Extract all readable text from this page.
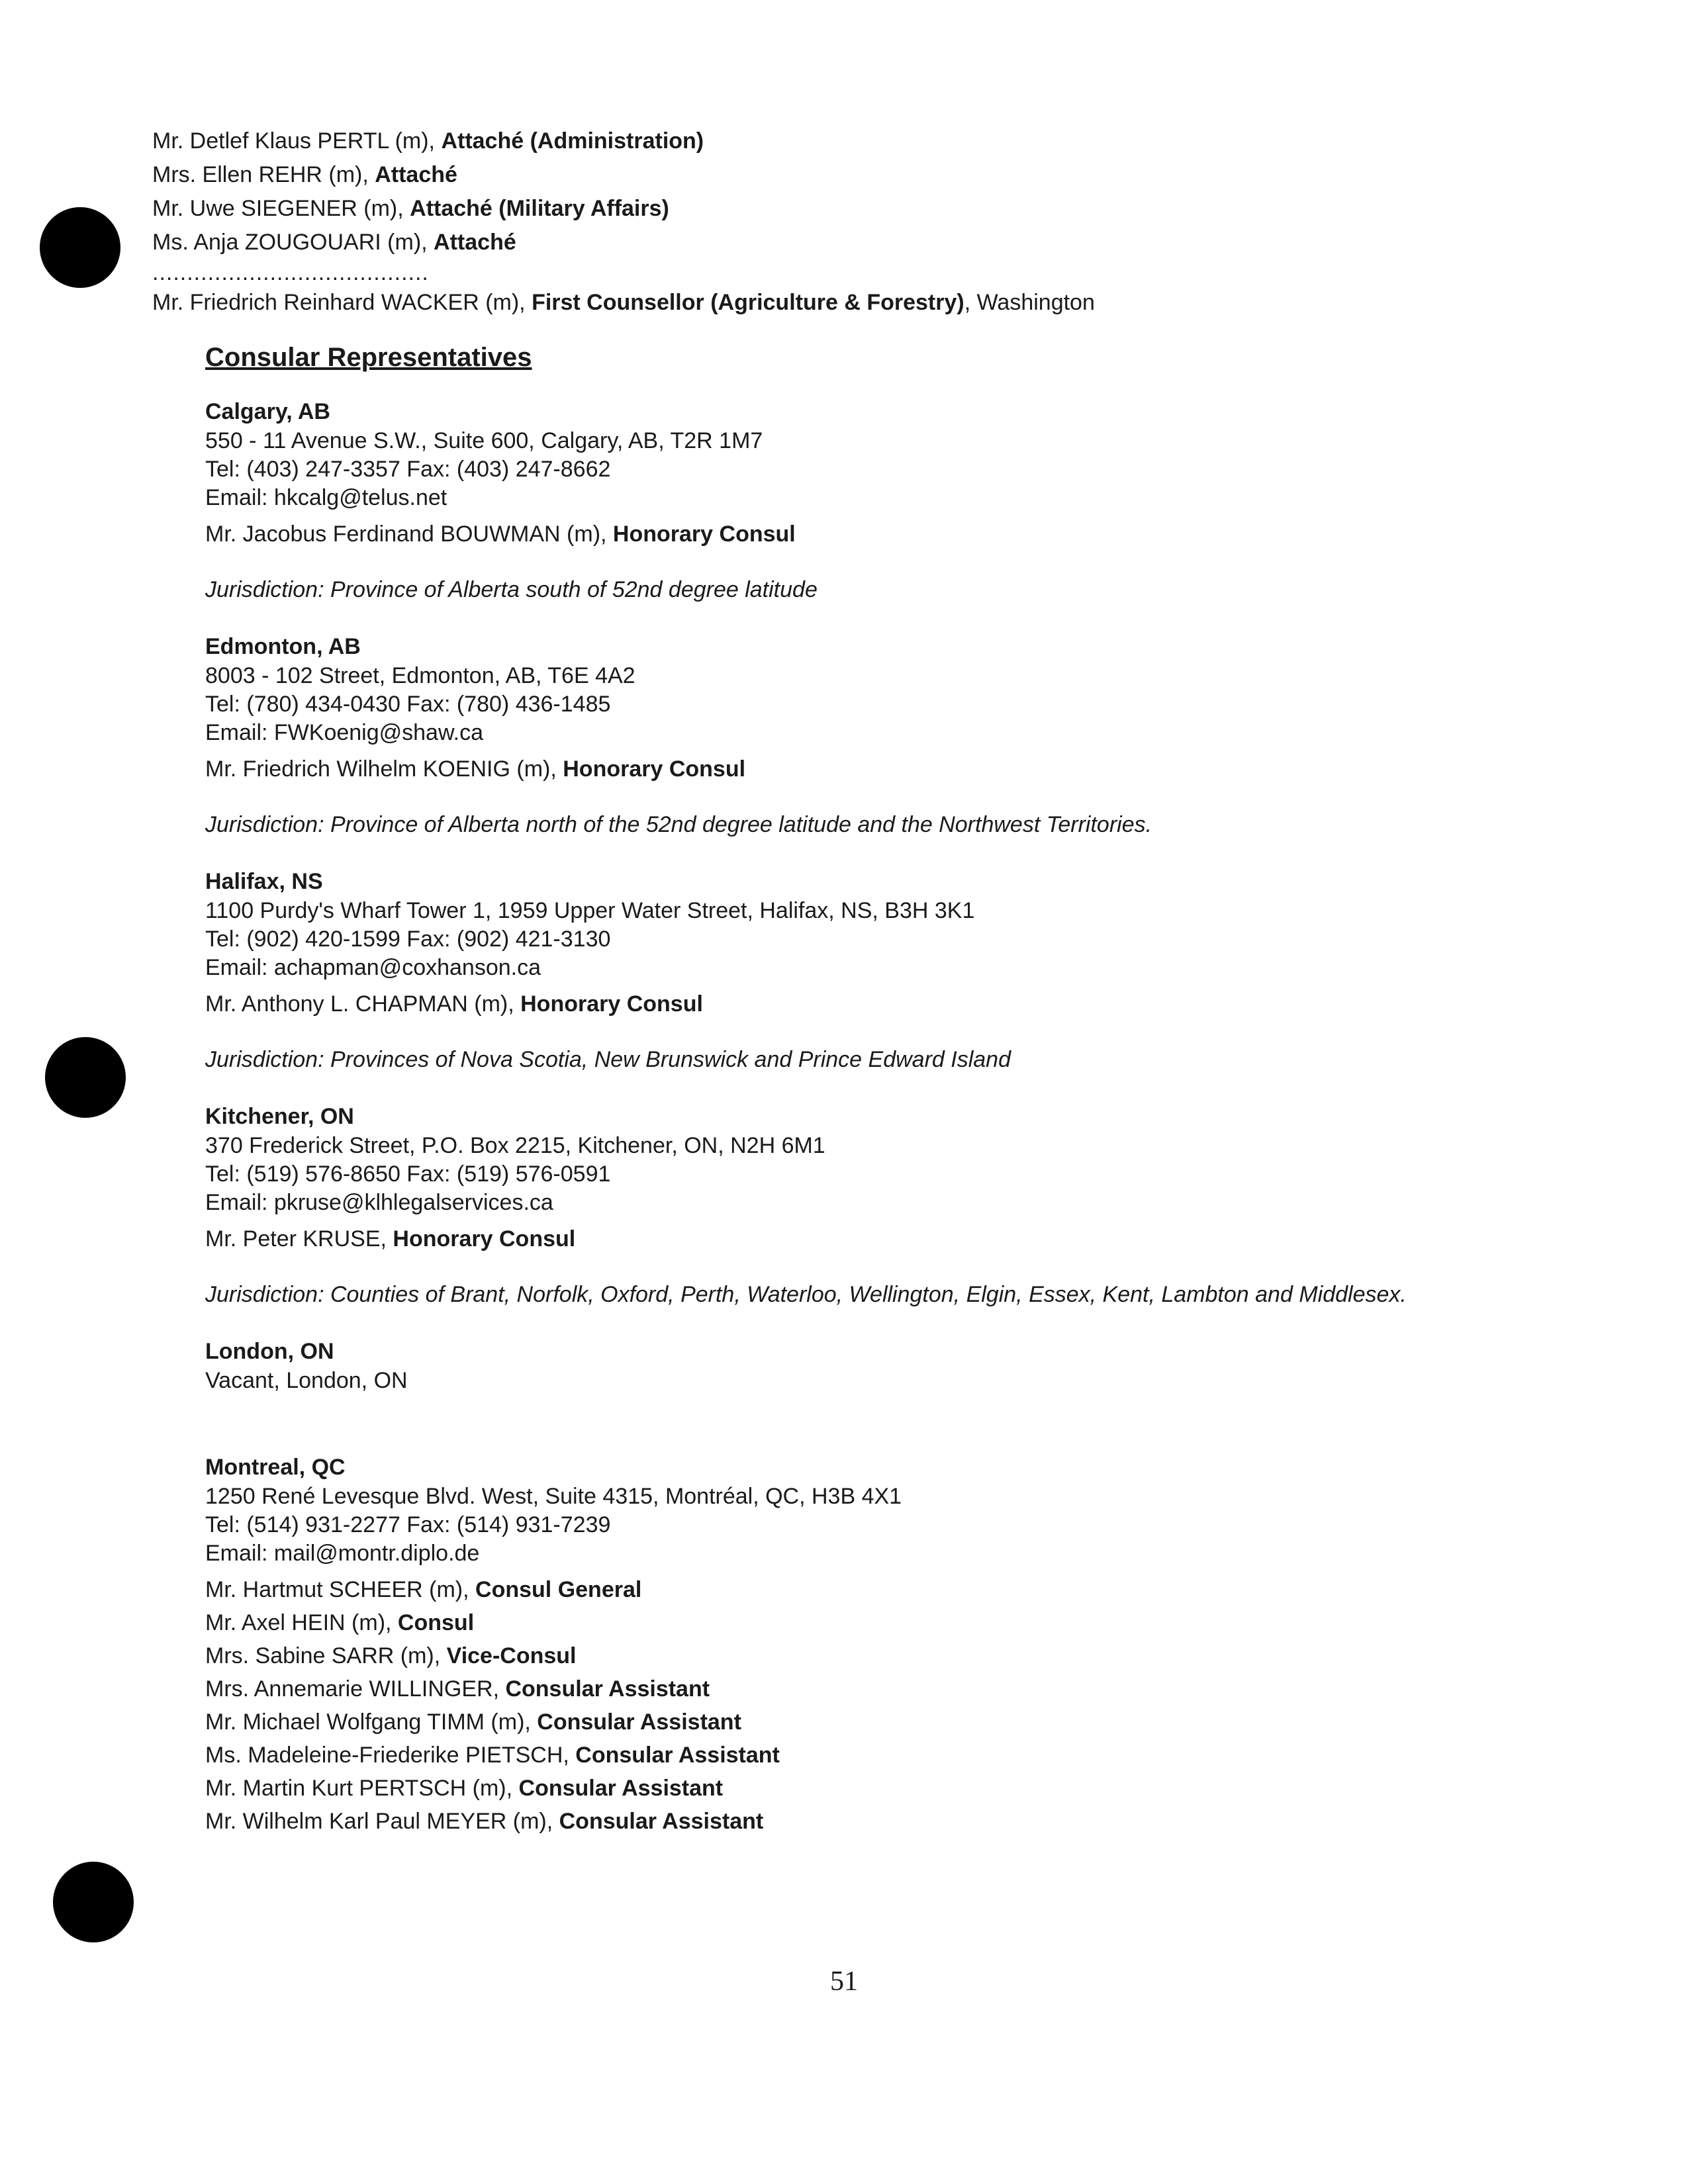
Mr. Detlef Klaus PERTL (m), Attaché (Administration)
Mrs. Ellen REHR (m), Attaché
Mr. Uwe SIEGENER (m), Attaché (Military Affairs)
Ms. Anja ZOUGOUARI (m), Attaché
........................................
Mr. Friedrich Reinhard WACKER (m), First Counsellor (Agriculture & Forestry), Washington
Consular Representatives
Calgary, AB
550 - 11 Avenue S.W., Suite 600, Calgary, AB, T2R 1M7
Tel: (403) 247-3357 Fax: (403) 247-8662
Email: hkcalg@telus.net
Mr. Jacobus Ferdinand BOUWMAN (m), Honorary Consul
Jurisdiction: Province of Alberta south of 52nd degree latitude
Edmonton, AB
8003 - 102 Street, Edmonton, AB, T6E 4A2
Tel: (780) 434-0430 Fax: (780) 436-1485
Email: FWKoenig@shaw.ca
Mr. Friedrich Wilhelm KOENIG (m), Honorary Consul
Jurisdiction: Province of Alberta north of the 52nd degree latitude and the Northwest Territories.
Halifax, NS
1100 Purdy's Wharf Tower 1, 1959 Upper Water Street, Halifax, NS, B3H 3K1
Tel: (902) 420-1599 Fax: (902) 421-3130
Email: achapman@coxhanson.ca
Mr. Anthony L. CHAPMAN (m), Honorary Consul
Jurisdiction: Provinces of Nova Scotia, New Brunswick and Prince Edward Island
Kitchener, ON
370 Frederick Street, P.O. Box 2215, Kitchener, ON, N2H 6M1
Tel: (519) 576-8650 Fax: (519) 576-0591
Email: pkruse@klhlegalservices.ca
Mr. Peter KRUSE, Honorary Consul
Jurisdiction: Counties of Brant, Norfolk, Oxford, Perth, Waterloo, Wellington, Elgin, Essex, Kent, Lambton and Middlesex.
London, ON
Vacant, London, ON
Montreal, QC
1250 René Levesque Blvd. West, Suite 4315, Montréal, QC, H3B 4X1
Tel: (514) 931-2277 Fax: (514) 931-7239
Email: mail@montr.diplo.de
Mr. Hartmut SCHEER (m), Consul General
Mr. Axel HEIN (m), Consul
Mrs. Sabine SARR (m), Vice-Consul
Mrs. Annemarie WILLINGER, Consular Assistant
Mr. Michael Wolfgang TIMM (m), Consular Assistant
Ms. Madeleine-Friederike PIETSCH, Consular Assistant
Mr. Martin Kurt PERTSCH (m), Consular Assistant
Mr. Wilhelm Karl Paul MEYER (m), Consular Assistant
51
